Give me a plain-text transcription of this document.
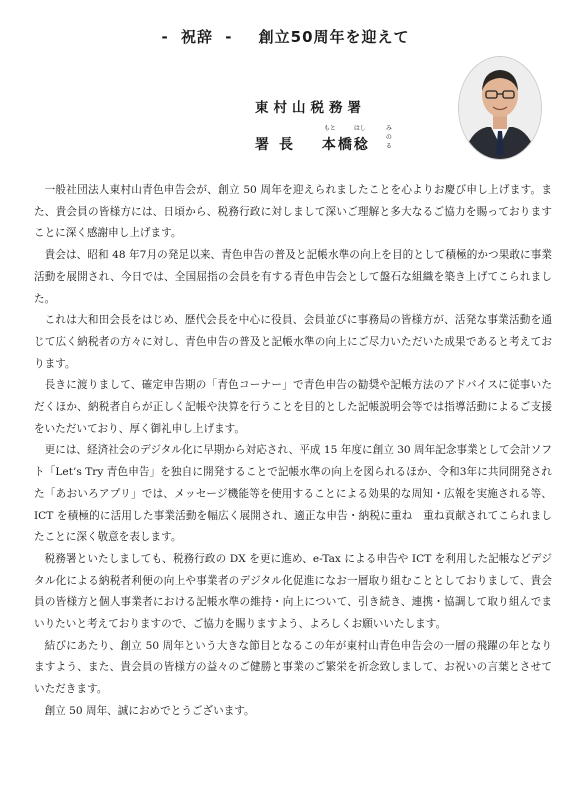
- 祝辞 - 創立50周年を迎えて
東村山税務署
署長
もと	はし	みのる
本橋稔

一般社団法人東村山青色申告会が、創立 50 周年を迎えられましたことを心よりお慶び申し上げます。また、貴会員の皆様方には、日頃から、税務行政に対しまして深いご理解と多大なるご協力を賜っておりますことに深く感謝申し上げます。

貴会は、昭和 48 年7月の発足以来、青色申告の普及と記帳水準の向上を目的として積極的かつ果敢に事業活動を展開され、今日では、全国屈指の会員を有する青色申告会として盤石な組織を築き上げてこられました。

これは大和田会長をはじめ、歴代会長を中心に役員、会員並びに事務局の皆様方が、活発な事業活動を通じて広く納税者の方々に対し、青色申告の普及と記帳水準の向上にご尽力いただいた成果であると考えております。

長きに渡りまして、確定申告期の「青色コーナー」で青色申告の勧奨や記帳方法のアドバイスに従事いただくほか、納税者自らが正しく記帳や決算を行うことを目的とした記帳説明会等では指導活動によるご支援をいただいており、厚く御礼申し上げます。

更には、経済社会のデジタル化に早期から対応され、平成 15 年度に創立 30 周年記念事業として会計ソフト「Let’s Try 青色申告」を独自に開発することで記帳水準の向上を図られるほか、令和3年に共同開発された「あおいろアプリ」では、メッセージ機能等を使用することによる効果的な周知・広報を実施される等、ICT を積極的に活用した事業活動を幅広く展開され、適正な申告・納税に重ね　重ね貢献されてこられましたことに深く敬意を表します。

税務署といたしましても、税務行政の DX を更に進め、e-Tax による申告や ICT を利用した記帳などデジタル化による納税者利便の向上や事業者のデジタル化促進になお一層取り組むこととしておりまして、貴会員の皆様方と個人事業者における記帳水準の維持・向上について、引き続き、連携・協調して取り組んでまいりたいと考えておりますので、ご協力を賜りますよう、よろしくお願いいたします。

結びにあたり、創立 50 周年という大きな節目となるこの年が東村山青色申告会の一層の飛躍の年となりますよう、また、貴会員の皆様方の益々のご健勝と事業のご繁栄を祈念致しまして、お祝いの言葉とさせていただきます。

創立 50 周年、誠におめでとうございます。
